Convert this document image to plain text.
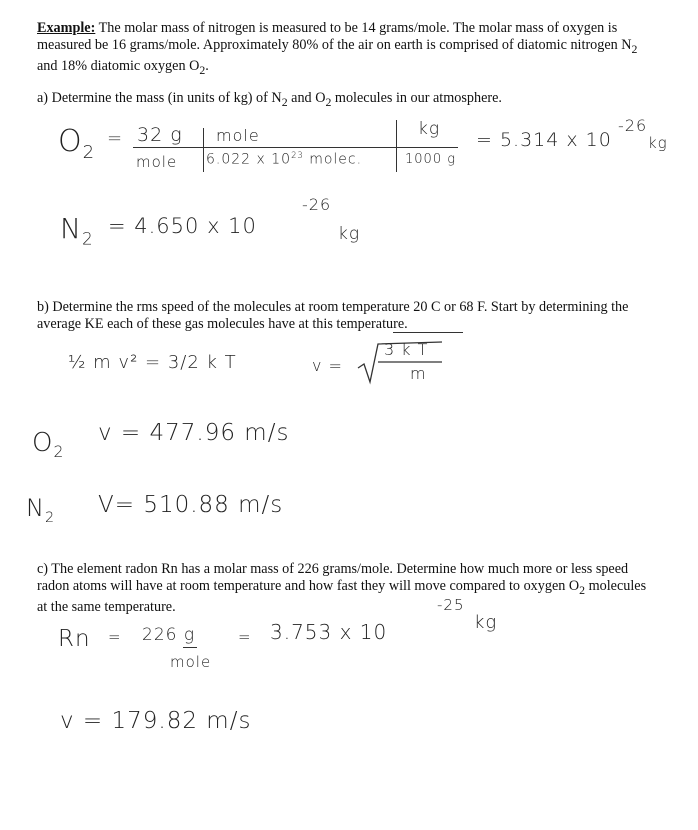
Example: The molar mass of nitrogen is measured to be 14 grams/mole. The molar mass of oxygen is measured be 16 grams/mole. Approximately 80% of the air on earth is comprised of diatomic nitrogen $N_2$ and 18% diatomic oxygen $O_2$.
a) Determine the mass (in units of kg) of $N_2$ and $O_2$ molecules in our atmosphere.
$O_2$
= 32 g
mole
mole
6.022 x $10^{23}$ molec.
kg
1000 g
= 5.314 x 10
-26
kg
$N_2$
= 4.650 x 10
-26
kg
b) Determine the rms speed of the molecules at room temperature 20 C or 68 F. Start by determining the average KE each of these gas molecules have at this temperature.
½ m v² = 3/2 k T	v =
3 k T
m
$O_2$
v = 477.96 m/s
$N_2$ V= 510.88 m/s
c) The element radon Rn has a molar mass of 226 grams/mole. Determine how much more or less speed radon atoms will have at room temperature and how fast they will move compared to oxygen $O_2$ molecules at the same temperature.
Rn = 226 g
mole
= 3.753 x 10
-25
kg
v = 179.82 m/s
